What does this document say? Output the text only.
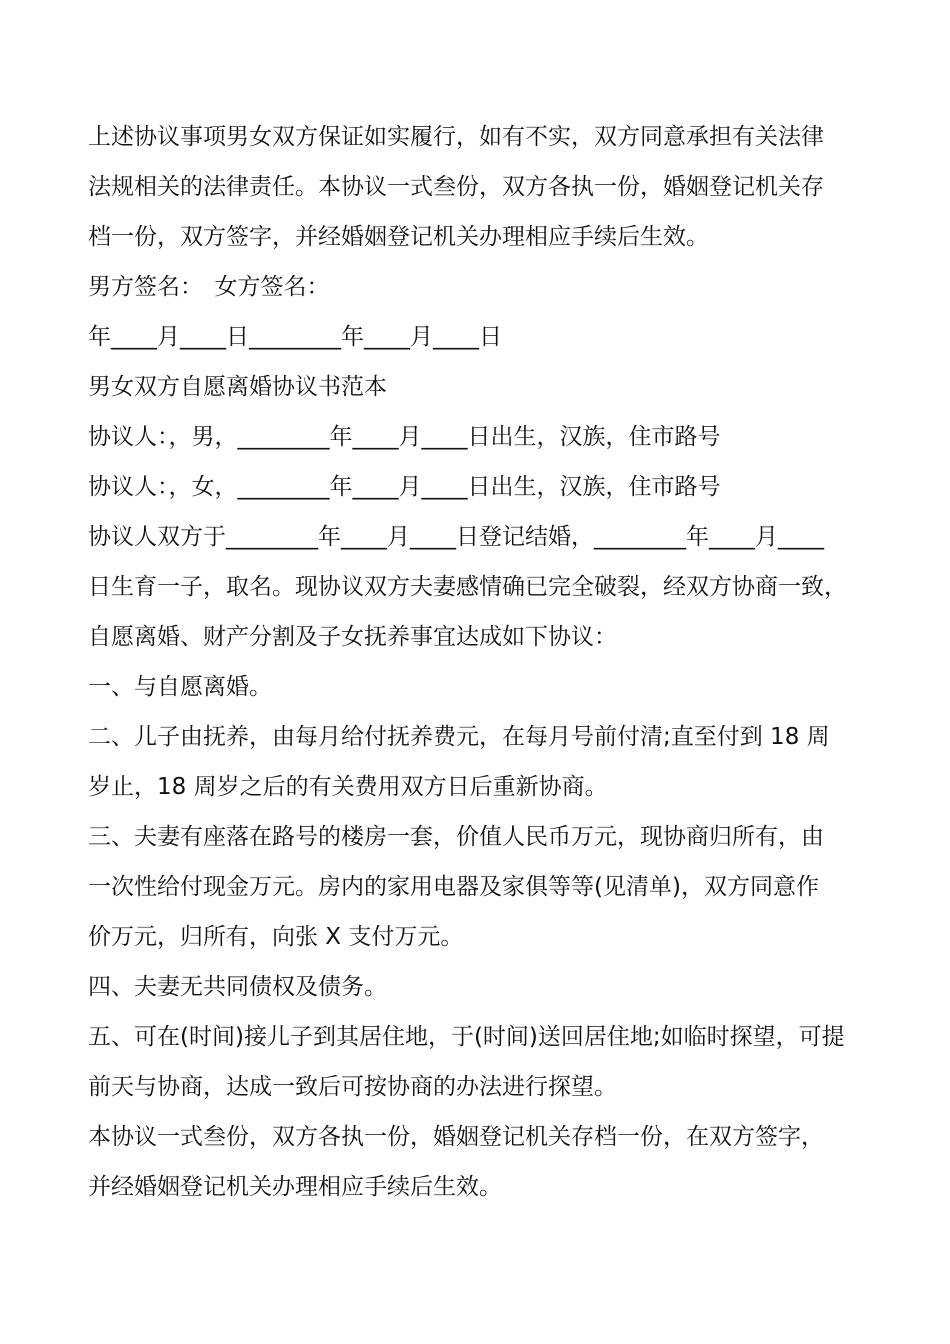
上述协议事项男女双方保证如实履行，如有不实，双方同意承担有关法律
法规相关的法律责任。本协议一式叁份，双方各执一份，婚姻登记机关存
档一份，双方签字，并经婚姻登记机关办理相应手续后生效。
男方签名：　女方签名：
年____月____日________年____月____日
男女双方自愿离婚协议书范本
协议人：，男，________年____月____日出生，汉族，住市路号
协议人：，女，________年____月____日出生，汉族，住市路号
协议人双方于________年____月____日登记结婚，________年____月____
日生育一子，取名。现协议双方夫妻感情确已完全破裂，经双方协商一致，
自愿离婚、财产分割及子女抚养事宜达成如下协议：
一、与自愿离婚。
二、儿子由抚养，由每月给付抚养费元，在每月号前付清;直至付到 18 周
岁止，18 周岁之后的有关费用双方日后重新协商。
三、夫妻有座落在路号的楼房一套，价值人民币万元，现协商归所有，由
一次性给付现金万元。房内的家用电器及家俱等等(见清单)，双方同意作
价万元，归所有，向张 X 支付万元。
四、夫妻无共同债权及债务。
五、可在(时间)接儿子到其居住地，于(时间)送回居住地;如临时探望，可提
前天与协商，达成一致后可按协商的办法进行探望。
本协议一式叁份，双方各执一份，婚姻登记机关存档一份，在双方签字，
并经婚姻登记机关办理相应手续后生效。
